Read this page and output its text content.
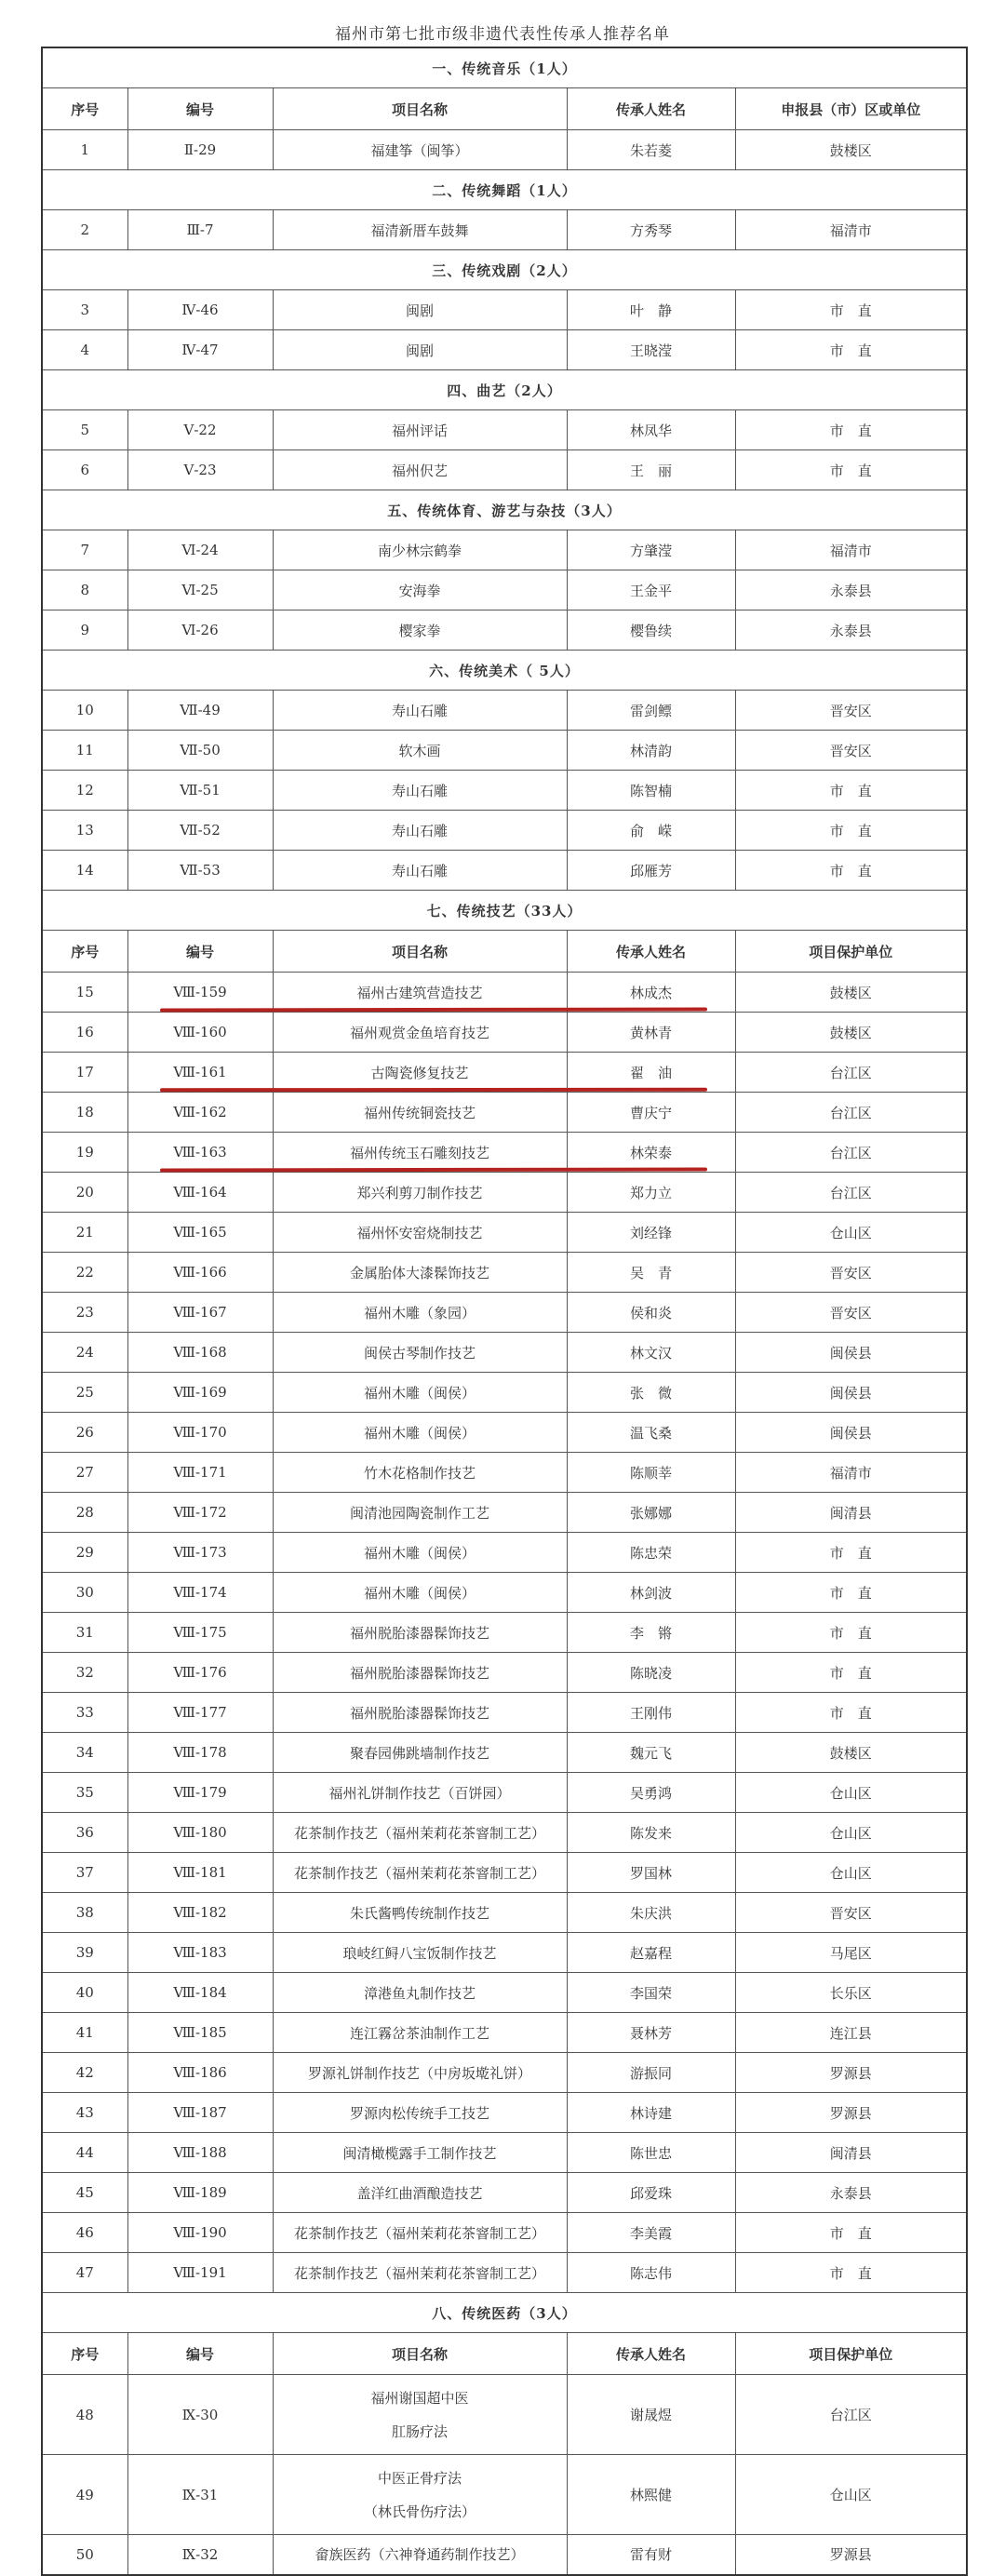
福州市第七批市级非遗代表性传承人推荐名单
一、传统音乐（1人）				
序号	编号	项目名称	传承人姓名	申报县（市）区或单位
1	Ⅱ-29	福建筝（闽筝）	朱若菱	鼓楼区
二、传统舞蹈（1人）				
2	Ⅲ-7	福清新厝车鼓舞	方秀琴	福清市
三、传统戏剧（2人）				
3	Ⅳ-46	闽剧	叶　静	市　直
4	Ⅳ-47	闽剧	王晓滢	市　直
四、曲艺（2人）				
5	Ⅴ-22	福州评话	林凤华	市　直
6	Ⅴ-23	福州伬艺	王　丽	市　直
五、传统体育、游艺与杂技（3人）				
7	Ⅵ-24	南少林宗鹤拳	方肇滢	福清市
8	Ⅵ-25	安海拳	王金平	永泰县
9	Ⅵ-26	樱家拳	樱鲁续	永泰县
六、传统美术（ 5人）				
10	Ⅶ-49	寿山石雕	雷剑鳔	晋安区
11	Ⅶ-50	软木画	林清韵	晋安区
12	Ⅶ-51	寿山石雕	陈智楠	市　直
13	Ⅶ-52	寿山石雕	俞　嵘	市　直
14	Ⅶ-53	寿山石雕	邱雁芳	市　直
七、传统技艺（33人）				
序号	编号	项目名称	传承人姓名	项目保护单位
15	Ⅷ-159	福州古建筑营造技艺	林成杰	鼓楼区
16	Ⅷ-160	福州观赏金鱼培育技艺	黄林青	鼓楼区
17	Ⅷ-161	古陶瓷修复技艺	翟　油	台江区
18	Ⅷ-162	福州传统铜瓷技艺	曹庆宁	台江区
19	Ⅷ-163	福州传统玉石雕刻技艺	林荣泰	台江区
20	Ⅷ-164	郑兴利剪刀制作技艺	郑力立	台江区
21	Ⅷ-165	福州怀安窑烧制技艺	刘经锋	仓山区
22	Ⅷ-166	金属胎体大漆髹饰技艺	吴　青	晋安区
23	Ⅷ-167	福州木雕（象园）	侯和炎	晋安区
24	Ⅷ-168	闽侯古琴制作技艺	林文汉	闽侯县
25	Ⅷ-169	福州木雕（闽侯）	张　微	闽侯县
26	Ⅷ-170	福州木雕（闽侯）	温飞桑	闽侯县
27	Ⅷ-171	竹木花格制作技艺	陈顺莘	福清市
28	Ⅷ-172	闽清池园陶瓷制作工艺	张娜娜	闽清县
29	Ⅷ-173	福州木雕（闽侯）	陈忠荣	市　直
30	Ⅷ-174	福州木雕（闽侯）	林剑波	市　直
31	Ⅷ-175	福州脱胎漆器髹饰技艺	李　锵	市　直
32	Ⅷ-176	福州脱胎漆器髹饰技艺	陈晓凌	市　直
33	Ⅷ-177	福州脱胎漆器髹饰技艺	王刚伟	市　直
34	Ⅷ-178	聚春园佛跳墙制作技艺	魏元飞	鼓楼区
35	Ⅷ-179	福州礼饼制作技艺（百饼园）	吴勇鸿	仓山区
36	Ⅷ-180	花茶制作技艺（福州茉莉花茶窨制工艺）	陈发来	仓山区
37	Ⅷ-181	花茶制作技艺（福州茉莉花茶窨制工艺）	罗国林	仓山区
38	Ⅷ-182	朱氏酱鸭传统制作技艺	朱庆洪	晋安区
39	Ⅷ-183	琅岐红鲟八宝饭制作技艺	赵嘉程	马尾区
40	Ⅷ-184	漳港鱼丸制作技艺	李国荣	长乐区
41	Ⅷ-185	连江霧岔茶油制作工艺	聂林芳	连江县
42	Ⅷ-186	罗源礼饼制作技艺（中房坂墘礼饼）	游振同	罗源县
43	Ⅷ-187	罗源肉松传统手工技艺	林诗建	罗源县
44	Ⅷ-188	闽清橄榄露手工制作技艺	陈世忠	闽清县
45	Ⅷ-189	盖洋红曲酒酿造技艺	邱爱珠	永泰县
46	Ⅷ-190	花茶制作技艺（福州茉莉花茶窨制工艺）	李美霞	市　直
47	Ⅷ-191	花茶制作技艺（福州茉莉花茶窨制工艺）	陈志伟	市　直
八、传统医药（3人）				
序号	编号	项目名称	传承人姓名	项目保护单位
48	Ⅸ-30	福州谢国超中医
肛肠疗法	谢晟煜	台江区
49	Ⅸ-31	中医正骨疗法
（林氏骨伤疗法）	林熙健	仓山区
50	Ⅸ-32	畲族医药（六神脊通药制作技艺）	雷有财	罗源县
